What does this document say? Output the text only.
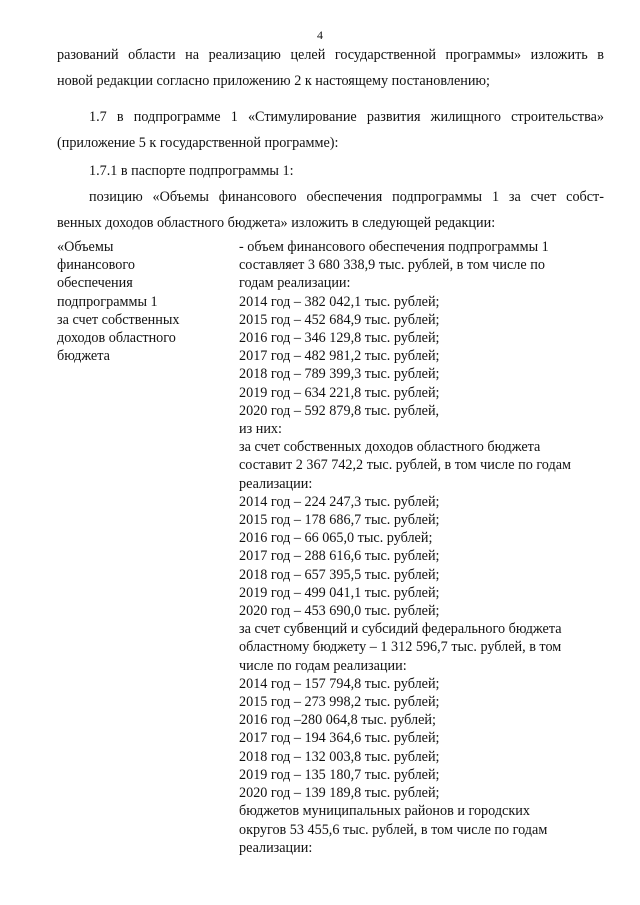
4
разований области на реализацию целей государственной программы» изложить в
новой редакции согласно приложению 2 к настоящему постановлению;
1.7 в подпрограмме 1 «Стимулирование развития жилищного строительства»
(приложение 5 к государственной программе):
1.7.1 в паспорте подпрограммы 1:
позицию «Объемы финансового обеспечения подпрограммы 1 за счет собст-
венных доходов областного бюджета» изложить в следующей редакции:
«Объемы
финансового
обеспечения
подпрограммы 1
за счет собственных
доходов областного
бюджета
- объем финансового обеспечения подпрограммы 1
составляет 3 680 338,9 тыс. рублей, в том числе по
годам реализации:
2014 год – 382 042,1 тыс. рублей;
2015 год – 452 684,9 тыс. рублей;
2016 год – 346 129,8 тыс. рублей;
2017 год – 482 981,2 тыс. рублей;
2018 год – 789 399,3 тыс. рублей;
2019 год – 634 221,8 тыс. рублей;
2020 год – 592 879,8 тыс. рублей,
из них:
за счет собственных доходов областного бюджета
составит 2 367 742,2 тыс. рублей, в том числе по годам
реализации:
2014 год – 224 247,3 тыс. рублей;
2015 год – 178 686,7 тыс. рублей;
2016 год – 66 065,0 тыс. рублей;
2017 год – 288 616,6 тыс. рублей;
2018 год – 657 395,5 тыс. рублей;
2019 год – 499 041,1 тыс. рублей;
2020 год – 453 690,0 тыс. рублей;
за счет субвенций и субсидий федерального бюджета
областному бюджету – 1 312 596,7 тыс. рублей, в том
числе по годам реализации:
2014 год – 157 794,8 тыс. рублей;
2015 год – 273 998,2 тыс. рублей;
2016 год –280 064,8 тыс. рублей;
2017 год – 194 364,6 тыс. рублей;
2018 год – 132 003,8 тыс. рублей;
2019 год – 135 180,7 тыс. рублей;
2020 год – 139 189,8 тыс. рублей;
бюджетов муниципальных районов и городских
округов 53 455,6 тыс. рублей, в том числе по годам
реализации:
